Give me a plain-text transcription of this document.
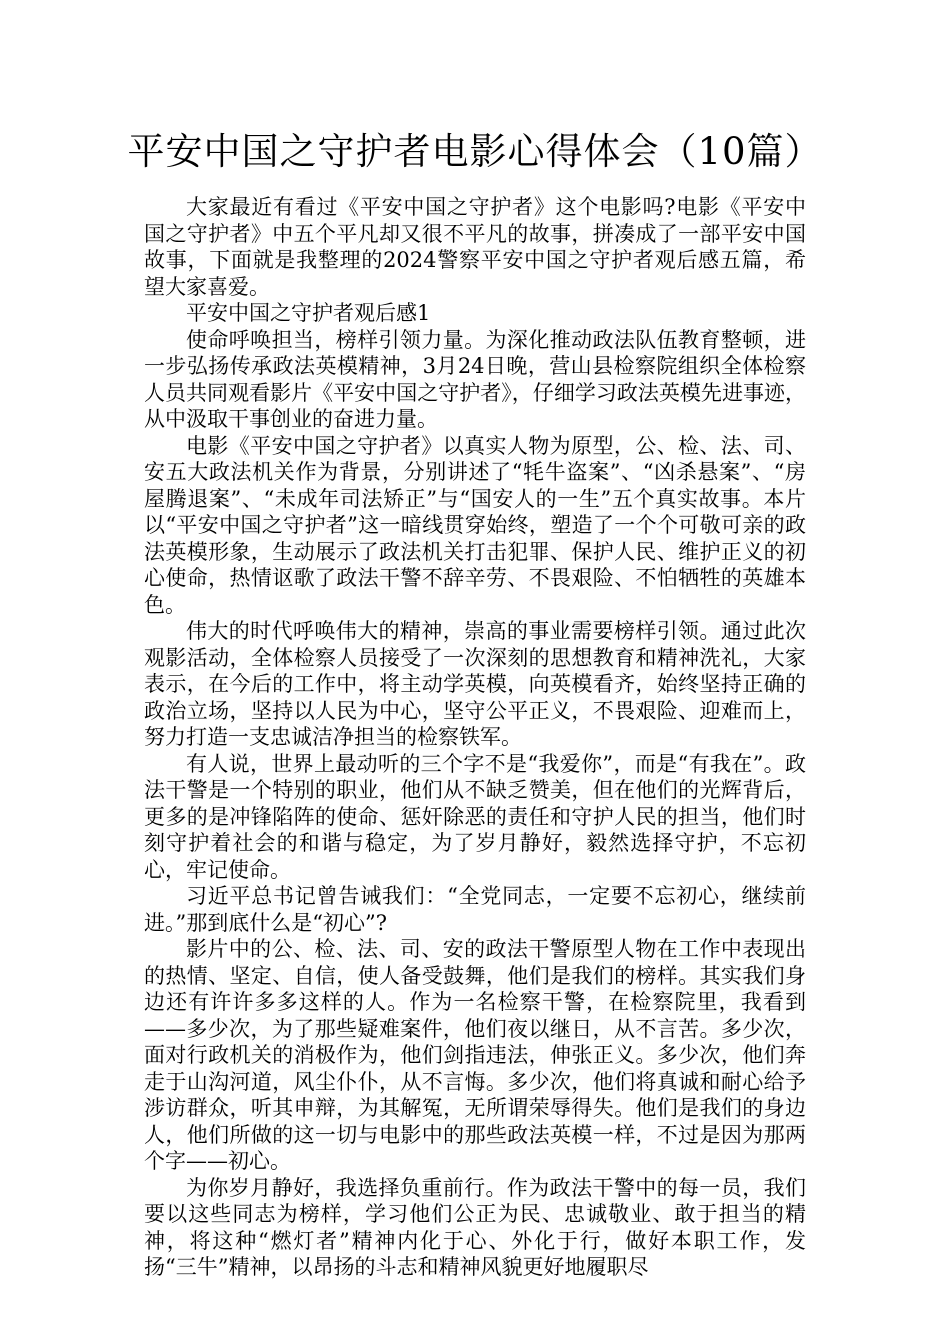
平安中国之守护者电影心得体会（10篇）

大家最近有看过《平安中国之守护者》这个电影吗?电影《平安中国之守护者》中五个平凡却又很不平凡的故事，拼凑成了一部平安中国故事，下面就是我整理的2024警察平安中国之守护者观后感五篇，希望大家喜爱。

平安中国之守护者观后感1

使命呼唤担当，榜样引领力量。为深化推动政法队伍教育整顿，进一步弘扬传承政法英模精神，3月24日晚，营山县检察院组织全体检察人员共同观看影片《平安中国之守护者》，仔细学习政法英模先进事迹，从中汲取干事创业的奋进力量。

电影《平安中国之守护者》以真实人物为原型，公、检、法、司、安五大政法机关作为背景，分别讲述了“牦牛盗案”、“凶杀悬案”、“房屋腾退案”、“未成年司法矫正”与“国安人的一生”五个真实故事。本片以“平安中国之守护者”这一暗线贯穿始终，塑造了一个个可敬可亲的政法英模形象，生动展示了政法机关打击犯罪、保护人民、维护正义的初心使命，热情讴歌了政法干警不辞辛劳、不畏艰险、不怕牺牲的英雄本色。

伟大的时代呼唤伟大的精神，崇高的事业需要榜样引领。通过此次观影活动，全体检察人员接受了一次深刻的思想教育和精神洗礼，大家表示，在今后的工作中，将主动学英模，向英模看齐，始终坚持正确的政治立场，坚持以人民为中心，坚守公平正义，不畏艰险、迎难而上，努力打造一支忠诚洁净担当的检察铁军。

有人说，世界上最动听的三个字不是“我爱你”，而是“有我在”。政法干警是一个特别的职业，他们从不缺乏赞美，但在他们的光辉背后，更多的是冲锋陷阵的使命、惩奸除恶的责任和守护人民的担当，他们时刻守护着社会的和谐与稳定，为了岁月静好，毅然选择守护，不忘初心，牢记使命。

习近平总书记曾告诫我们：“全党同志，一定要不忘初心，继续前进。”那到底什么是“初心”?

影片中的公、检、法、司、安的政法干警原型人物在工作中表现出的热情、坚定、自信，使人备受鼓舞，他们是我们的榜样。其实我们身边还有许许多多这样的人。作为一名检察干警，在检察院里，我看到——多少次，为了那些疑难案件，他们夜以继日，从不言苦。多少次，面对行政机关的消极作为，他们剑指违法，伸张正义。多少次，他们奔走于山沟河道，风尘仆仆，从不言悔。多少次，他们将真诚和耐心给予涉访群众，听其申辩，为其解冤，无所谓荣辱得失。他们是我们的身边人，他们所做的这一切与电影中的那些政法英模一样，不过是因为那两个字——初心。

为你岁月静好，我选择负重前行。作为政法干警中的每一员，我们要以这些同志为榜样，学习他们公正为民、忠诚敬业、敢于担当的精神，将这种“燃灯者”精神内化于心、外化于行，做好本职工作，发扬“三牛”精神，以昂扬的斗志和精神风貌更好地履职尽
